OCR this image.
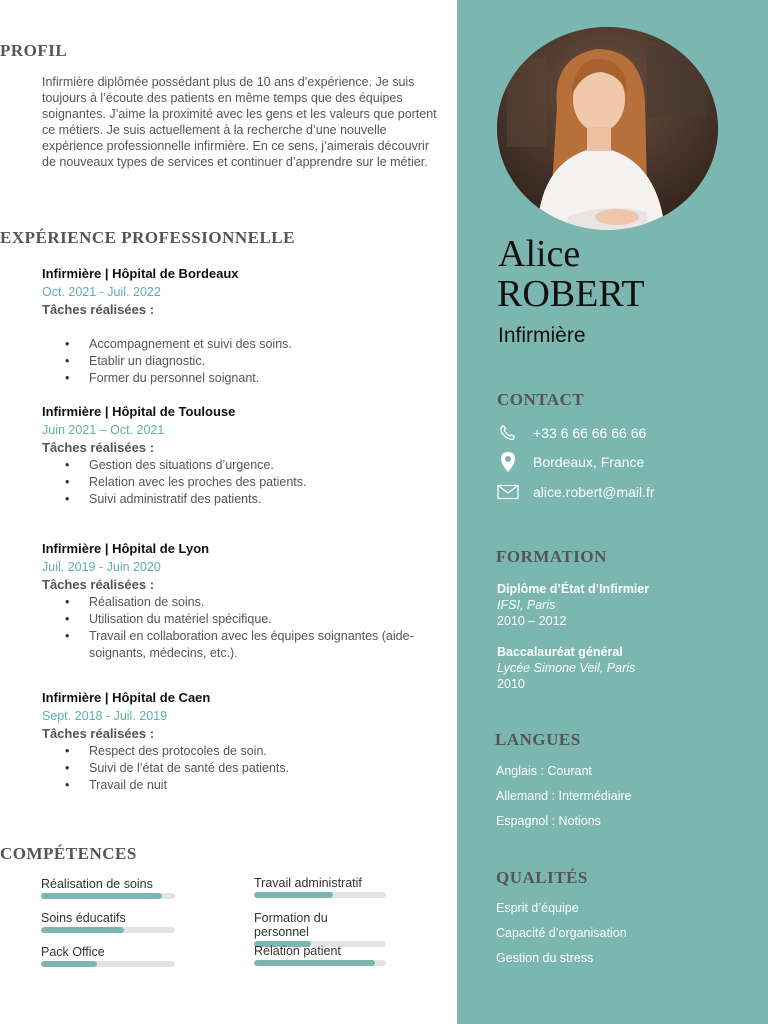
PROFIL
Infirmière diplômée possédant plus de 10 ans d’expérience. Je suis toujours à l’écoute des patients en même temps que des équipes soignantes. J’aime la proximité avec les gens et les valeurs que portent ce métiers. Je suis actuellement à la recherche d’une nouvelle expérience professionnelle infirmière. En ce sens, j’aimerais découvrir de nouveaux types de services et continuer d’apprendre sur le métier.
EXPÉRIENCE PROFESSIONNELLE
Infirmière | Hôpital de Bordeaux
Oct. 2021 - Juil. 2022
Tâches réalisées :
• Accompagnement et suivi des soins.
• Etablir un diagnostic.
• Former du personnel soignant.
Infirmière | Hôpital de Toulouse
Juin 2021 – Oct. 2021
Tâches réalisées :
• Gestion des situations d’urgence.
• Relation avec les proches des patients.
• Suivi administratif des patients.
Infirmière | Hôpital de Lyon
Juil. 2019 - Juin 2020
Tâches réalisées :
• Réalisation de soins.
• Utilisation du matériel spécifique.
• Travail en collaboration avec les équipes soignantes (aide-soignants, médecins, etc.).
Infirmière | Hôpital de Caen
Sept. 2018 - Juil. 2019
Tâches réalisées :
• Respect des protocoles de soin.
• Suivi de l’état de santé des patients.
• Travail de nuit
COMPÉTENCES
Réalisation de soins	Travail administratif
Soins éducatifs	Formation du personnel
Pack Office	Relation patient
Alice
ROBERT
Infirmière
CONTACT
+33 6 66 66 66 66
Bordeaux, France
alice.robert@mail.fr
FORMATION
Diplôme d’État d’Infirmier
IFSI, Paris
2010 – 2012
Baccalauréat général
Lycée Simone Veil, Paris
2010
LANGUES
Anglais : Courant
Allemand : Intermédiaire
Espagnol : Notions
QUALITÉS
Esprit d’équipe
Capacité d’organisation
Gestion du stress
